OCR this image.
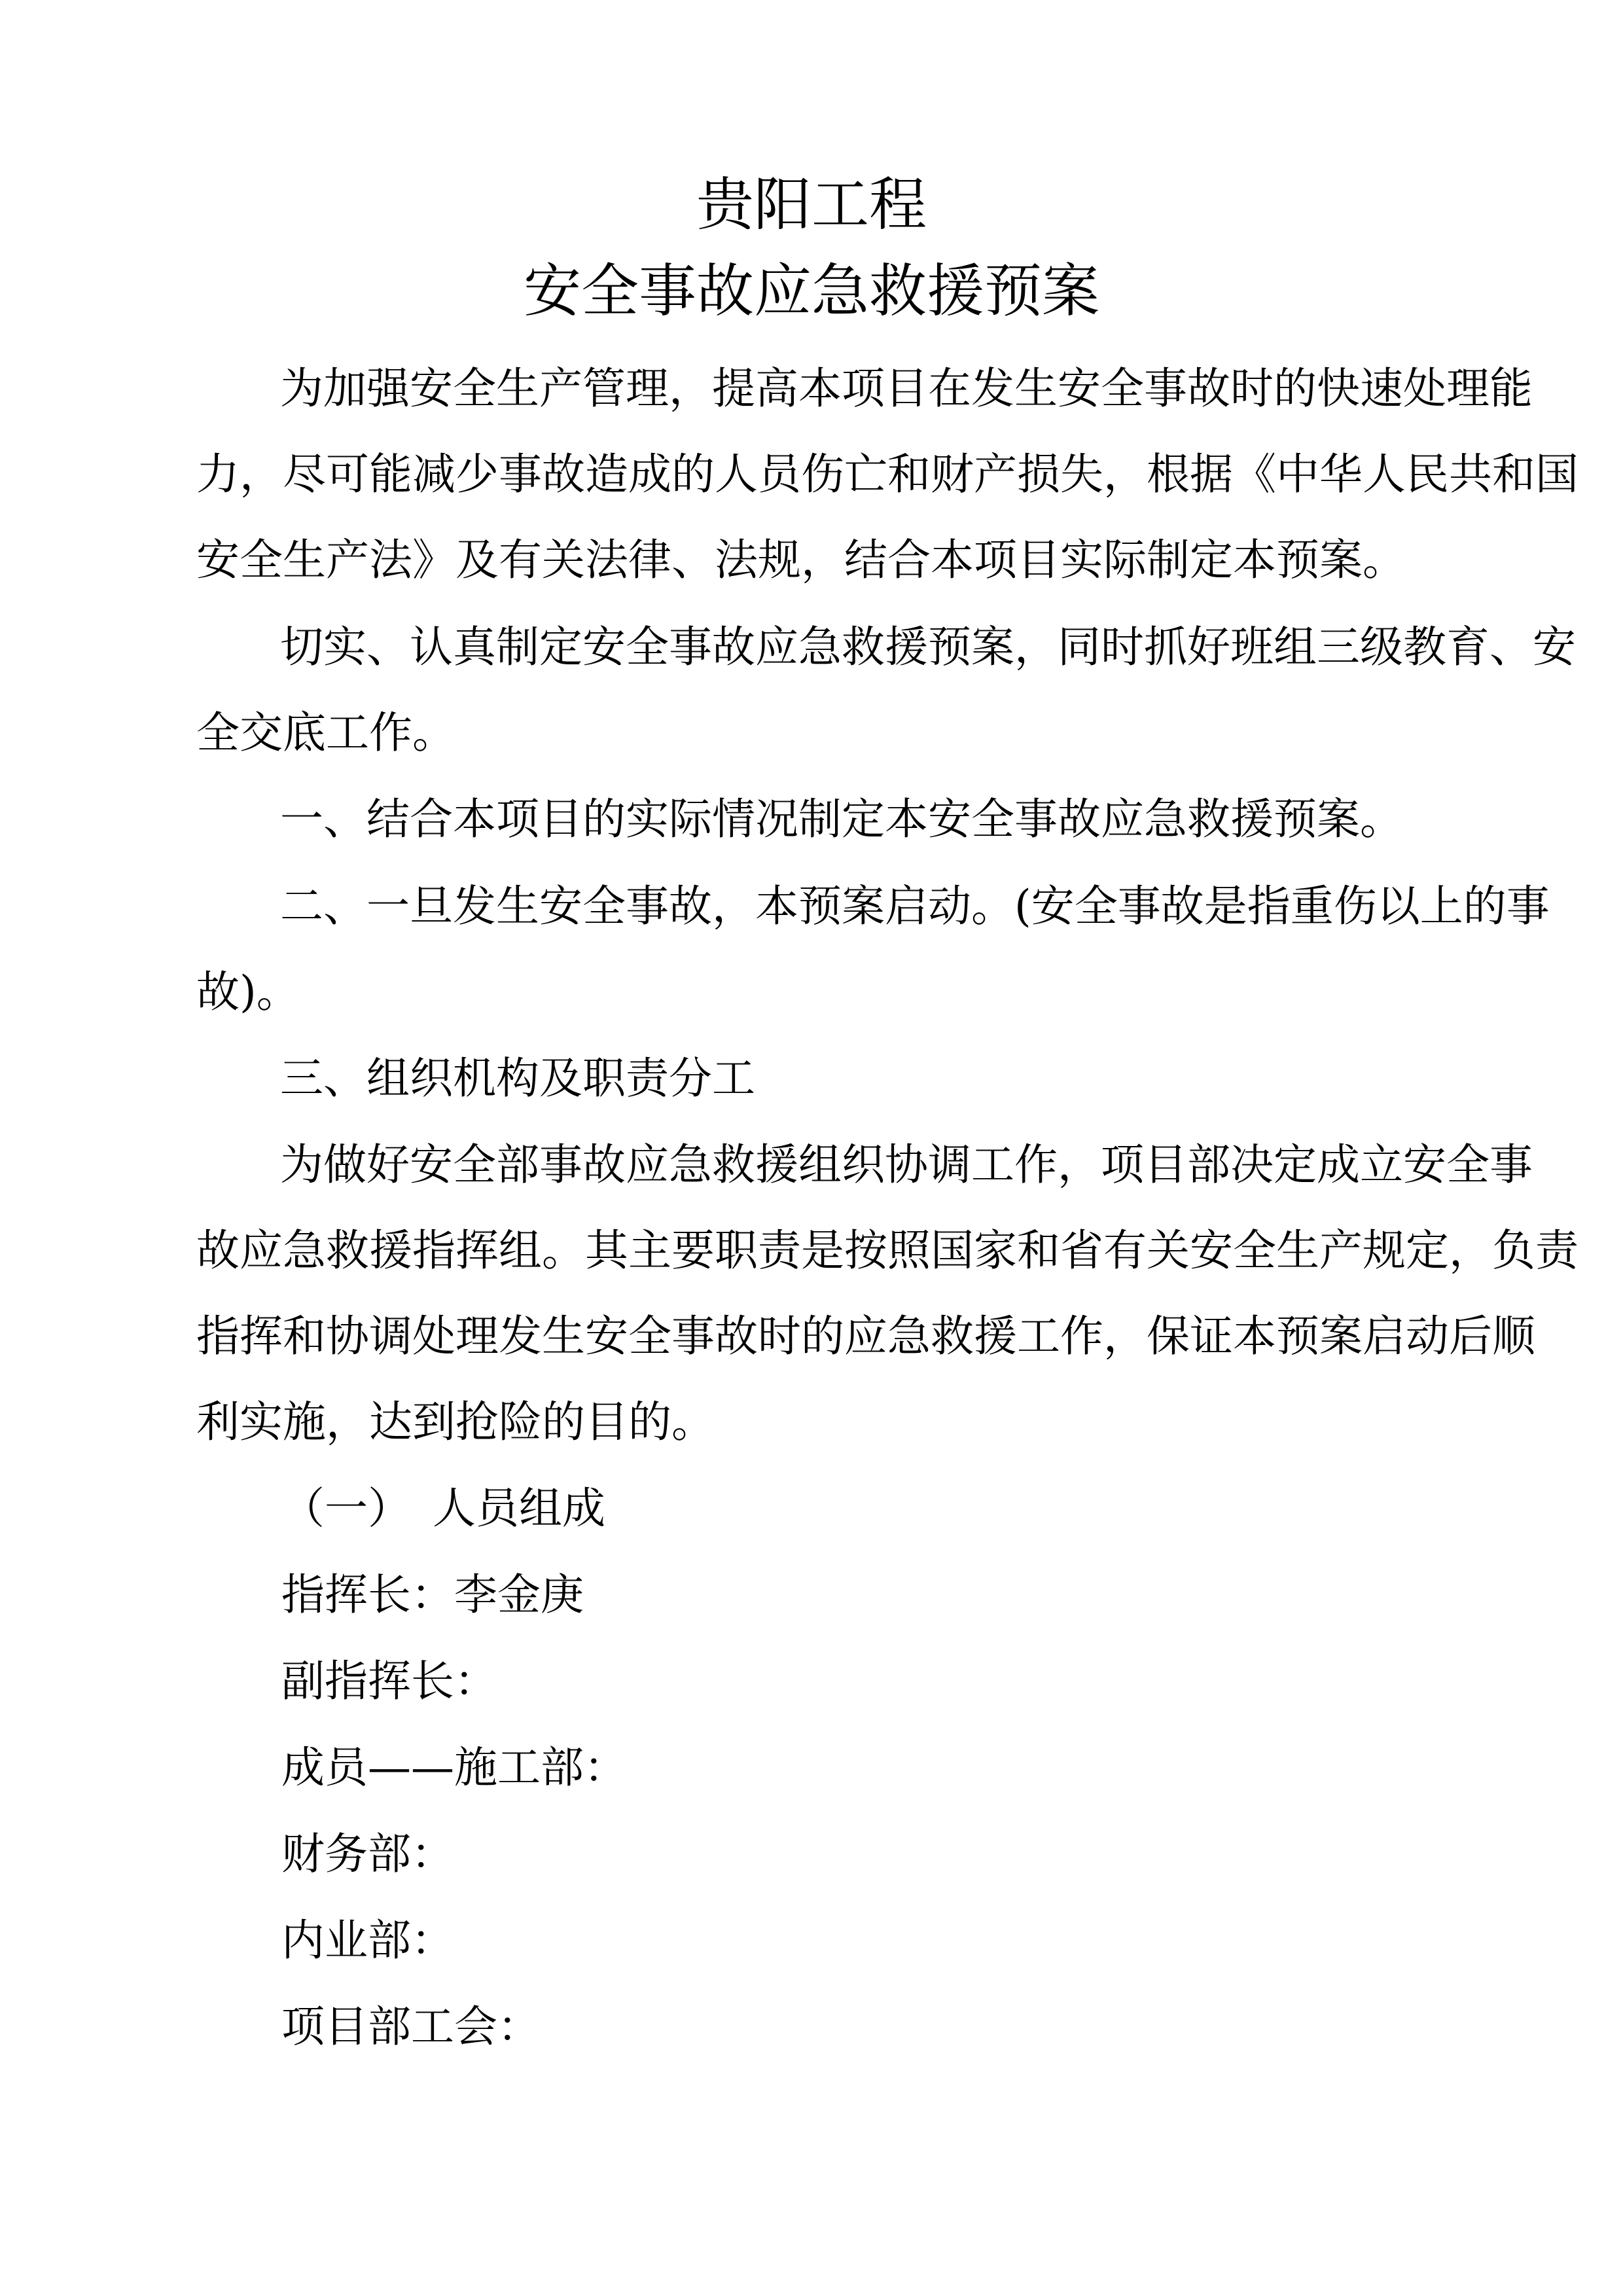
贵阳工程
安全事故应急救援预案
为加强安全生产管理，提高本项目在发生安全事故时的快速处理能
力，尽可能减少事故造成的人员伤亡和财产损失，根据《中华人民共和国
安全生产法》及有关法律、法规，结合本项目实际制定本预案。
切实、认真制定安全事故应急救援预案，同时抓好班组三级教育、安
全交底工作。
一、结合本项目的实际情况制定本安全事故应急救援预案。
二、一旦发生安全事故，本预案启动。(安全事故是指重伤以上的事
故)。
三、组织机构及职责分工
为做好安全部事故应急救援组织协调工作，项目部决定成立安全事
故应急救援指挥组。其主要职责是按照国家和省有关安全生产规定，负责
指挥和协调处理发生安全事故时的应急救援工作，保证本预案启动后顺
利实施，达到抢险的目的。
（一）　人员组成
指挥长：李金庚
副指挥长：
成员——施工部：
财务部：
内业部：
项目部工会：
